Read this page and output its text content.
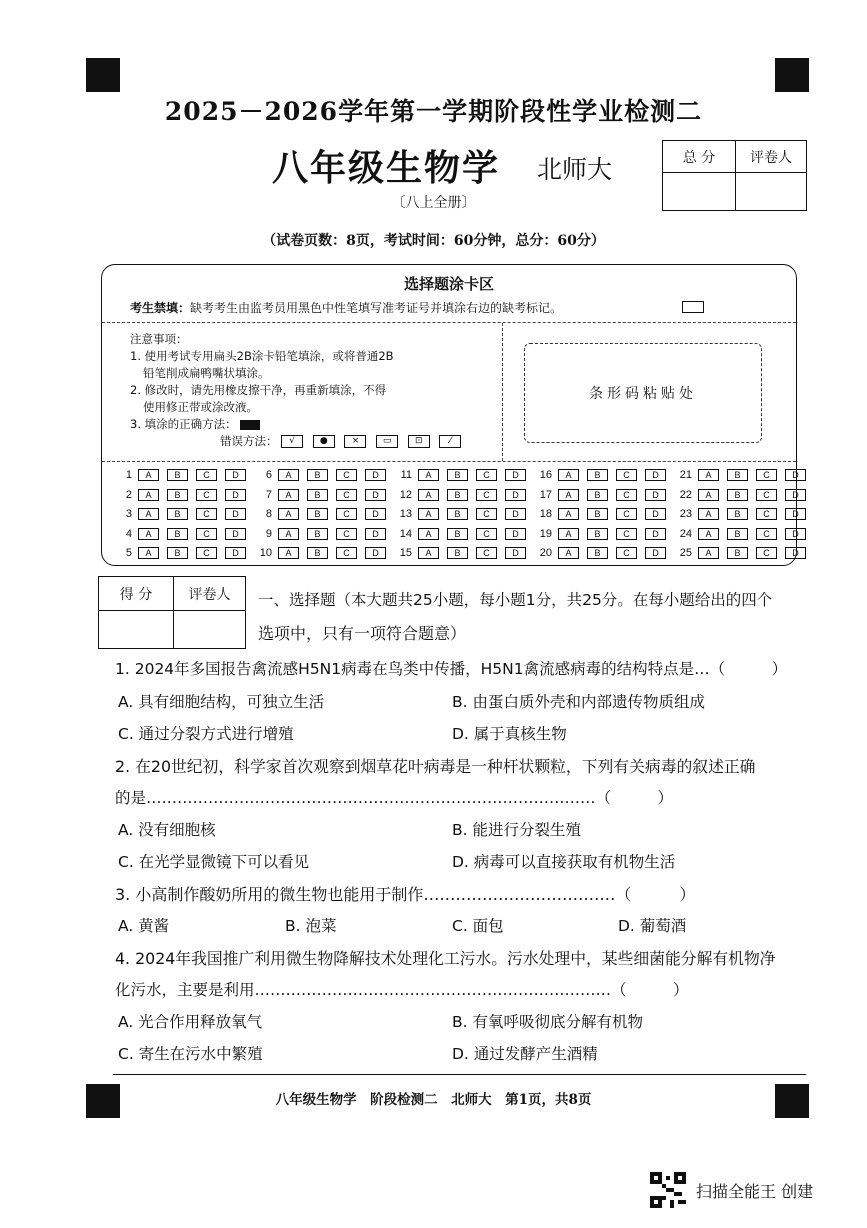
2025－2026学年第一学期阶段性学业检测二
八年级生物学 北师大
〔八上全册〕
（试卷页数：8页，考试时间：60分钟，总分：60分）
总 分	评卷人

选择题涂卡区
考生禁填：缺考考生由监考员用黑色中性笔填写准考证号并填涂右边的缺考标记。
注意事项：
1. 使用考试专用扁头2B涂卡铅笔填涂，或将普通2B
铅笔削成扁鸭嘴状填涂。
2. 修改时，请先用橡皮擦干净，再重新填涂，不得
使用修正带或涂改液。
3. 填涂的正确方法：
错误方法： √	●	×	▭	⊡	⁄
条形码粘贴处
1	A	B	C	D
2	A	B	C	D
3	A	B	C	D
4	A	B	C	D
5	A	B	C	D
6	A	B	C	D
7	A	B	C	D
8	A	B	C	D
9	A	B	C	D
10	A	B	C	D
11	A	B	C	D
12	A	B	C	D
13	A	B	C	D
14	A	B	C	D
15	A	B	C	D
16	A	B	C	D
17	A	B	C	D
18	A	B	C	D
19	A	B	C	D
20	A	B	C	D
21	A	B	C	D
22	A	B	C	D
23	A	B	C	D
24	A	B	C	D
25	A	B	C	D
得 分	评卷人
	一、选择题（本大题共25小题，每小题1分，共25分。在每小题给出的四个
选项中，只有一项符合题意）
1. 2024年多国报告禽流感H5N1病毒在鸟类中传播，H5N1禽流感病毒的结构特点是…（　　　）
A. 具有细胞结构，可独立生活	B. 由蛋白质外壳和内部遗传物质组成
C. 通过分裂方式进行增殖	D. 属于真核生物
2. 在20世纪初，科学家首次观察到烟草花叶病毒是一种杆状颗粒，下列有关病毒的叙述正确
的是……………………………………………………………………………（　　　）
A. 没有细胞核	B. 能进行分裂生殖
C. 在光学显微镜下可以看见	D. 病毒可以直接获取有机物生活
3. 小高制作酸奶所用的微生物也能用于制作………………………………（　　　）
A. 黄酱	B. 泡菜	C. 面包	D. 葡萄酒
4. 2024年我国推广利用微生物降解技术处理化工污水。污水处理中，某些细菌能分解有机物净
化污水，主要是利用……………………………………………………………（　　　）
A. 光合作用释放氧气	B. 有氧呼吸彻底分解有机物
C. 寄生在污水中繁殖	D. 通过发酵产生酒精
八年级生物学　阶段检测二　北师大　第1页，共8页
扫描全能王 创建
